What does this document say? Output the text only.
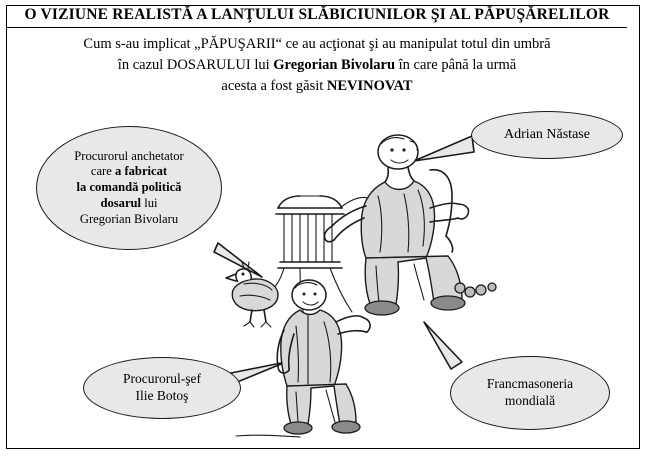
O VIZIUNE REALISTĂ A LANŢULUI SLĂBICIUNILOR ŞI AL PĂPUŞĂRELILOR
Cum s-au implicat „PĂPUŞARII“ ce au acţionat şi au manipulat totul din umbră
în cazul DOSARULUI lui Gregorian Bivolaru în care până la urmă
acesta a fost găsit NEVINOVAT
Procurorul anchetator
care a fabricat
la comandă politică
dosarul lui
Gregorian Bivolaru
Adrian Năstase
Procurorul-şef
Ilie Botoş
Francmasoneria
mondială
